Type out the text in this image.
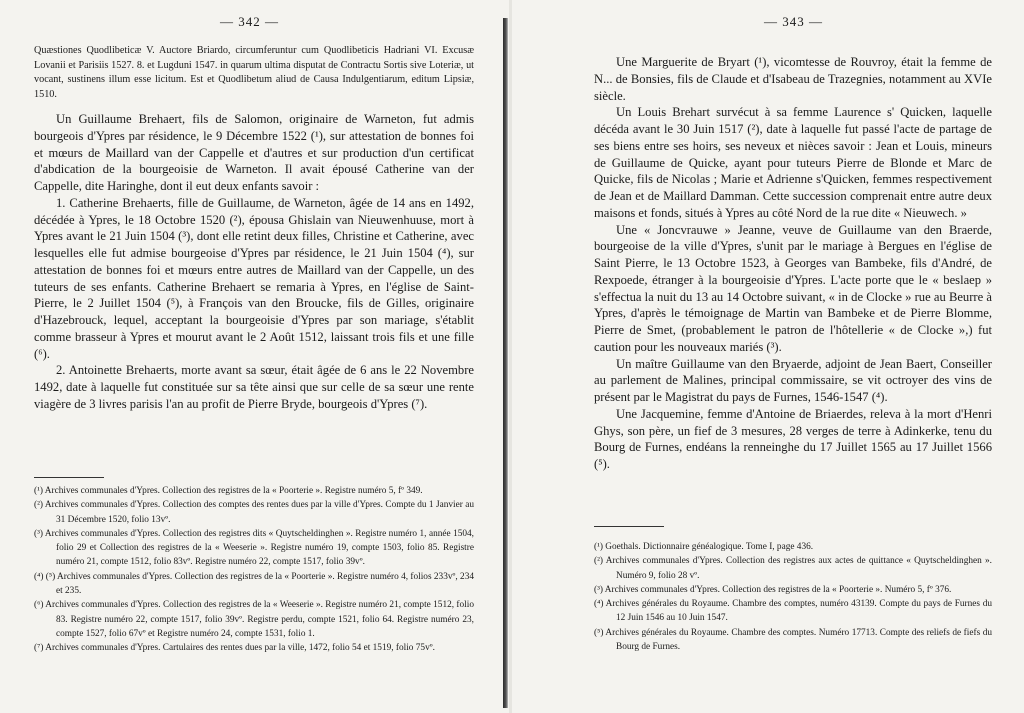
— 342 —

Quæstiones Quodlibeticæ V. Auctore Briardo, circumferuntur cum Quodlibeticis Hadriani VI. Excusæ Lovanii et Parisiis 1527. 8. et Lugduni 1547. in quarum ultima disputat de Contractu Sortis sive Loteriæ, ut vocant, sustinens illum esse licitum. Est et Quodlibetum aliud de Causa Indulgentiarum, editum Lipsiæ, 1510.

Un Guillaume Brehaert, fils de Salomon, originaire de Warneton, fut admis bourgeois d'Ypres par résidence, le 9 Décembre 1522 (¹), sur attestation de bonnes foi et mœurs de Maillard van der Cappelle et d'autres et sur production d'un certificat d'abdication de la bourgeoisie de Warneton. Il avait épousé Catherine van der Cappelle, dite Haringhe, dont il eut deux enfants savoir :

1. Catherine Brehaerts, fille de Guillaume, de Warneton, âgée de 14 ans en 1492, décédée à Ypres, le 18 Octobre 1520 (²), épousa Ghislain van Nieuwenhuuse, mort à Ypres avant le 21 Juin 1504 (³), dont elle retint deux filles, Christine et Catherine, avec lesquelles elle fut admise bourgeoise d'Ypres par résidence, le 21 Juin 1504 (⁴), sur attestation de bonnes foi et mœurs entre autres de Maillard van der Cappelle, un des tuteurs de ses enfants. Catherine Brehaert se remaria à Ypres, en l'église de Saint-Pierre, le 2 Juillet 1504 (⁵), à François van den Broucke, fils de Gilles, originaire d'Hazebrouck, lequel, acceptant la bourgeoisie d'Ypres par son mariage, s'établit comme brasseur à Ypres et mourut avant le 2 Août 1512, laissant trois fils et une fille (⁶).

2. Antoinette Brehaerts, morte avant sa sœur, était âgée de 6 ans le 22 Novembre 1492, date à laquelle fut constituée sur sa tête ainsi que sur celle de sa sœur une rente viagère de 3 livres parisis l'an au profit de Pierre Bryde, bourgeois d'Ypres (⁷).

(¹) Archives communales d'Ypres. Collection des registres de la « Poorterie ». Registre numéro 5, fº 349.

(²) Archives communales d'Ypres. Collection des comptes des rentes dues par la ville d'Ypres. Compte du 1 Janvier au 31 Décembre 1520, folio 13vº.

(³) Archives communales d'Ypres. Collection des registres dits « Quytscheldinghen ». Registre numéro 1, année 1504, folio 29 et Collection des registres de la « Weeserie ». Registre numéro 19, compte 1503, folio 85. Registre numéro 21, compte 1512, folio 83vº. Registre numéro 22, compte 1517, folio 39vº.

(⁴) (⁵) Archives communales d'Ypres. Collection des registres de la « Poorterie ». Registre numéro 4, folios 233vº, 234 et 235.

(⁶) Archives communales d'Ypres. Collection des registres de la « Weeserie ». Registre numéro 21, compte 1512, folio 83. Registre numéro 22, compte 1517, folio 39vº. Registre perdu, compte 1521, folio 64. Registre numéro 23, compte 1527, folio 67vº et Registre numéro 24, compte 1531, folio 1.

(⁷) Archives communales d'Ypres. Cartulaires des rentes dues par la ville, 1472, folio 54 et 1519, folio 75vº.

— 343 —

Une Marguerite de Bryart (¹), vicomtesse de Rouvroy, était la femme de N... de Bonsies, fils de Claude et d'Isabeau de Trazegnies, notamment au XVIe siècle.

Un Louis Brehart survécut à sa femme Laurence s' Quicken, laquelle décéda avant le 30 Juin 1517 (²), date à laquelle fut passé l'acte de partage de ses biens entre ses hoirs, ses neveux et nièces savoir : Jean et Louis, mineurs de Guillaume de Quicke, ayant pour tuteurs Pierre de Blonde et Marc de Quicke, fils de Nicolas ; Marie et Adrienne s'Quicken, femmes respectivement de Jean et de Maillard Damman. Cette succession comprenait entre autre deux maisons et fonds, situés à Ypres au côté Nord de la rue dite « Nieuwech. »

Une « Joncvrauwe » Jeanne, veuve de Guillaume van den Braerde, bourgeoise de la ville d'Ypres, s'unit par le mariage à Bergues en l'église de Saint Pierre, le 13 Octobre 1523, à Georges van Bambeke, fils d'André, de Rexpoede, étranger à la bourgeoisie d'Ypres. L'acte porte que le « beslaep » s'effectua la nuit du 13 au 14 Octobre suivant, « in de Clocke » rue au Beurre à Ypres, d'après le témoignage de Martin van Bambeke et de Pierre Blomme, Pierre de Smet, (probablement le patron de l'hôtellerie « de Clocke »,) fut caution pour les nouveaux mariés (³).

Un maître Guillaume van den Bryaerde, adjoint de Jean Baert, Conseiller au parlement de Malines, principal commissaire, se vit octroyer des vins de présent par le Magistrat du pays de Furnes, 1546-1547 (⁴).

Une Jacquemine, femme d'Antoine de Briaerdes, releva à la mort d'Henri Ghys, son père, un fief de 3 mesures, 28 verges de terre à Adinkerke, tenu du Bourg de Furnes, endéans la renneinghe du 17 Juillet 1565 au 17 Juillet 1566 (⁵).

(¹) Goethals. Dictionnaire généalogique. Tome I, page 436.

(²) Archives communales d'Ypres. Collection des registres aux actes de quittance « Quytscheldinghen ». Numéro 9, folio 28 vº.

(³) Archives communales d'Ypres. Collection des registres de la « Poorterie ». Numéro 5, fº 376.

(⁴) Archives générales du Royaume. Chambre des comptes, numéro 43139. Compte du pays de Furnes du 12 Juin 1546 au 10 Juin 1547.

(⁵) Archives générales du Royaume. Chambre des comptes. Numéro 17713. Compte des reliefs de fiefs du Bourg de Furnes.
